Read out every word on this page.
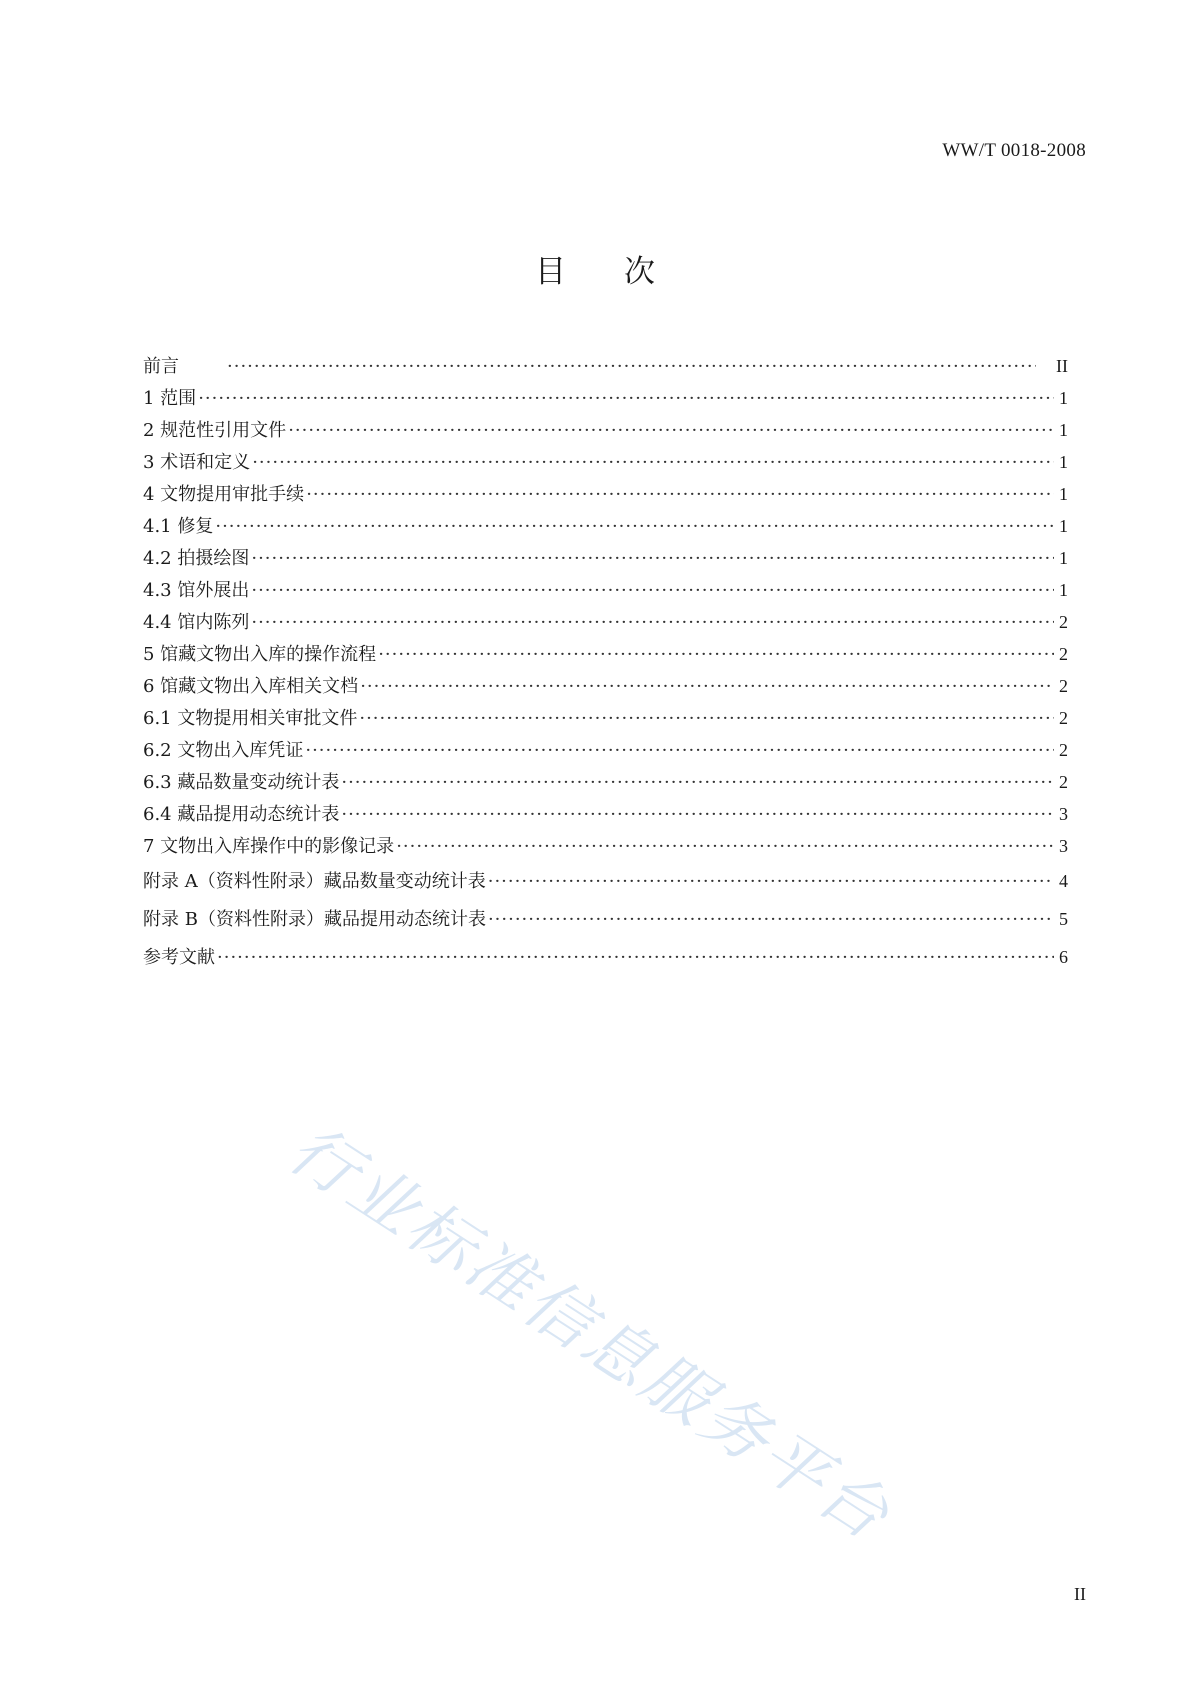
WW/T 0018-2008
目次
前言 ·····	II
1 范围 ·····	1
2 规范性引用文件 ·····	1
3 术语和定义 ·····	1
4 文物提用审批手续 ·····	1
4.1 修复 ·····	1
4.2 拍摄绘图 ·····	1
4.3 馆外展出 ·····	1
4.4 馆内陈列 ·····	2
5 馆藏文物出入库的操作流程 ·····	2
6 馆藏文物出入库相关文档 ·····	2
6.1 文物提用相关审批文件 ·····	2
6.2 文物出入库凭证 ·····	2
6.3 藏品数量变动统计表 ·····	2
6.4 藏品提用动态统计表 ·····	3
7 文物出入库操作中的影像记录 ·····	3
附录 A（资料性附录）藏品数量变动统计表 ·····	4
附录 B（资料性附录）藏品提用动态统计表 ·····	5
参考文献 ·····	6
行业标准信息服务平台
II
